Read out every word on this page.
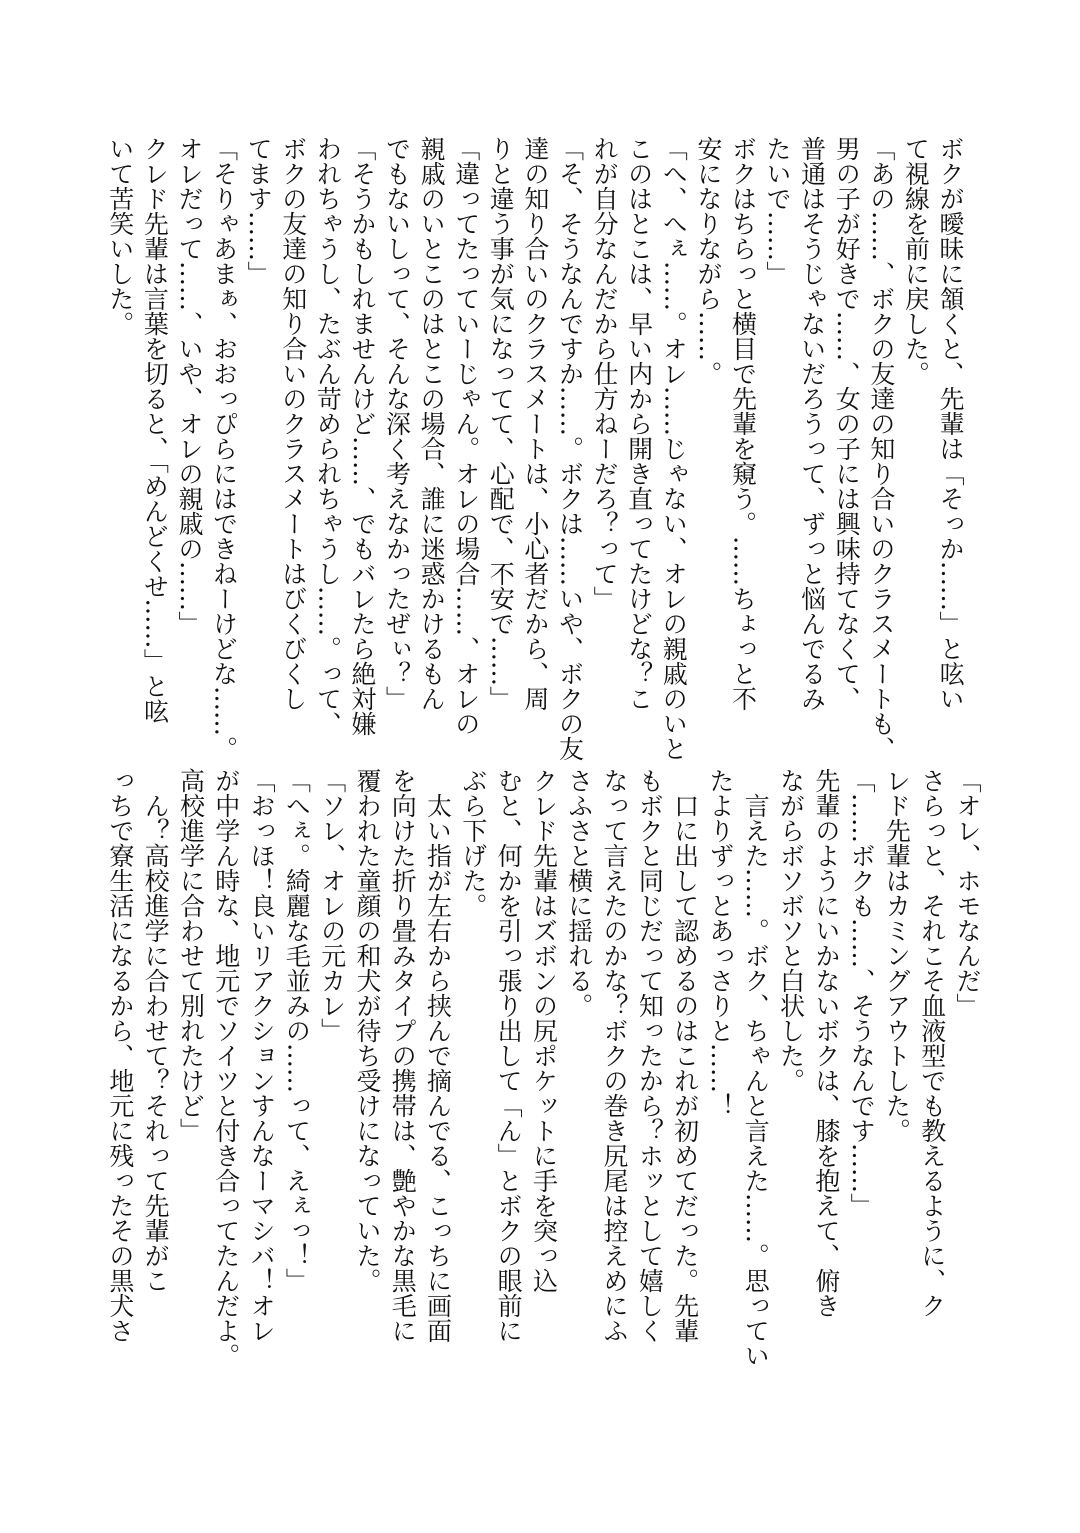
ボクが曖昧に頷くと、先輩は「そっか……」と呟い
て視線を前に戻した。
「あの……、ボクの友達の知り合いのクラスメートも、
男の子が好きで……、女の子には興味持てなくて、
普通はそうじゃないだろうって、ずっと悩んでるみ
たいで……」
ボクはちらっと横目で先輩を窺う。……ちょっと不
安になりながら……。
「へ、へぇ……。オレ……じゃない、オレの親戚のいと
このはとこは、早い内から開き直ってたけどな？こ
れが自分なんだから仕方ねーだろ？って」
「そ、そうなんですか……。ボクは……いや、ボクの友
達の知り合いのクラスメートは、小心者だから、周
りと違う事が気になってて、心配で、不安で……」
「違ってたっていーじゃん。オレの場合……、オレの
親戚のいとこのはとこの場合、誰に迷惑かけるもん
でもないしって、そんな深く考えなかったぜぃ？」
「そうかもしれませんけど……、でもバレたら絶対嫌
われちゃうし、たぶん苛められちゃうし……。って、
ボクの友達の知り合いのクラスメートはびくびくし
てます……」
「そりゃあまぁ、おおっぴらにはできねーけどな……。
オレだって……、いや、オレの親戚の……」
クレド先輩は言葉を切ると、「めんどくせ……」と呟
いて苦笑いした。
「オレ、ホモなんだ」
さらっと、それこそ血液型でも教えるように、ク
レド先輩はカミングアウトした。
「……ボクも……、そうなんです……」
先輩のようにいかないボクは、膝を抱えて、俯き
ながらボソボソと白状した。
　言えた……。ボク、ちゃんと言えた……。思ってい
たよりずっとあっさりと……！
　口に出して認めるのはこれが初めてだった。先輩
もボクと同じだって知ったから？ホッとして嬉しく
なって言えたのかな？ボクの巻き尻尾は控えめにふ
さふさと横に揺れる。
クレド先輩はズボンの尻ポケットに手を突っ込
むと、何かを引っ張り出して「ん」とボクの眼前に
ぶら下げた。
　太い指が左右から挟んで摘んでる、こっちに画面
を向けた折り畳みタイプの携帯は、艶やかな黒毛に
覆われた童顔の和犬が待ち受けになっていた。
「ソレ、オレの元カレ」
「へぇ。綺麗な毛並みの……って、えぇっ！」
「おっほ！良いリアクションすんなーマシバ！オレ
が中学ん時な、地元でソイツと付き合ってたんだよ。
高校進学に合わせて別れたけど」
　ん？高校進学に合わせて？それって先輩がこ
っちで寮生活になるから、地元に残ったその黒犬さ
